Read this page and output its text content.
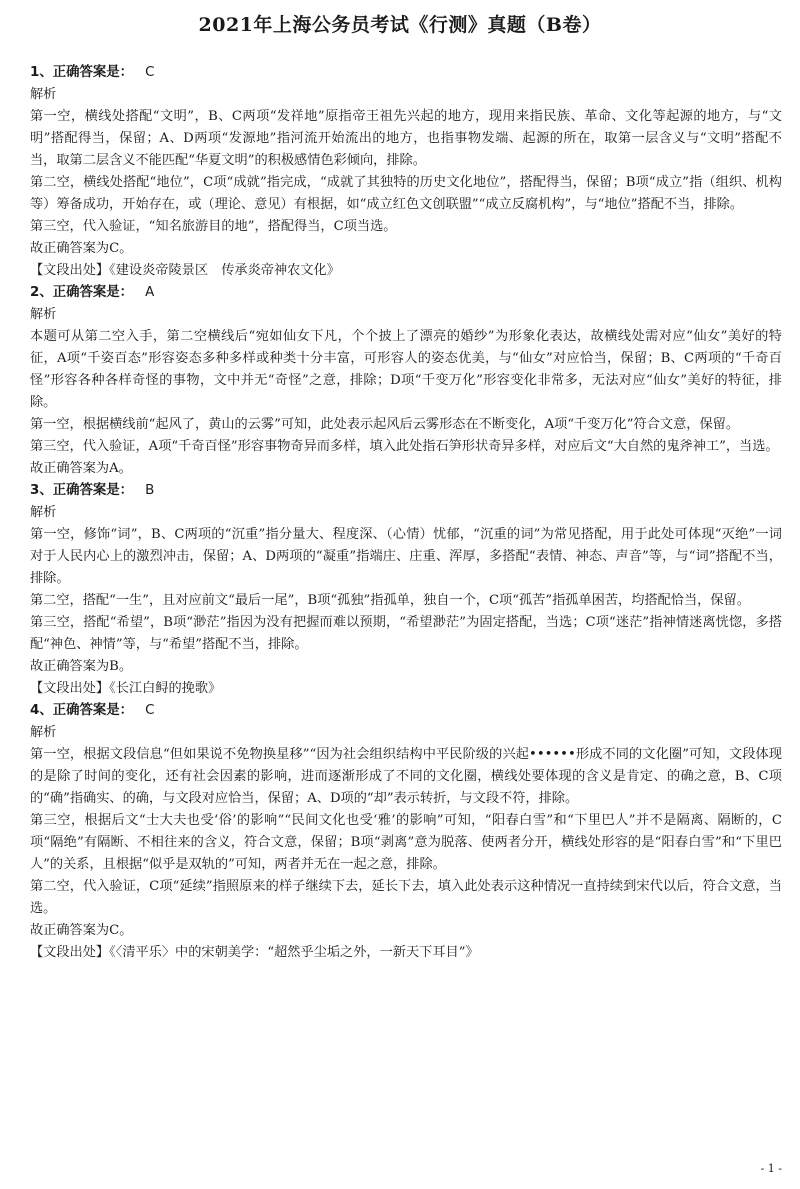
2021年上海公务员考试《行测》真题（B卷）
1、正确答案是： C
解析
第一空，横线处搭配“文明”，B、C两项“发祥地”原指帝王祖先兴起的地方，现用来指民族、革命、文化等起源的地方，与“文明”搭配得当，保留；A、D两项“发源地”指河流开始流出的地方，也指事物发端、起源的所在，取第一层含义与“文明”搭配不当，取第二层含义不能匹配“华夏文明”的积极感情色彩倾向，排除。
第二空，横线处搭配“地位”，C项“成就”指完成，“成就了其独特的历史文化地位”，搭配得当，保留；B项“成立”指（组织、机构等）筹备成功，开始存在，或（理论、意见）有根据，如“成立红色文创联盟”“成立反腐机构”，与“地位”搭配不当，排除。
第三空，代入验证，“知名旅游目的地”，搭配得当，C项当选。
故正确答案为C。
【文段出处】《建设炎帝陵景区　传承炎帝神农文化》
2、正确答案是： A
解析
本题可从第二空入手，第二空横线后“宛如仙女下凡，个个披上了漂亮的婚纱”为形象化表达，故横线处需对应“仙女”美好的特征，A项“千姿百态”形容姿态多种多样或种类十分丰富，可形容人的姿态优美，与“仙女”对应恰当，保留；B、C两项的“千奇百怪”形容各种各样奇怪的事物，文中并无“奇怪”之意，排除；D项“千变万化”形容变化非常多，无法对应“仙女”美好的特征，排除。
第一空，根据横线前“起风了，黄山的云雾”可知，此处表示起风后云雾形态在不断变化，A项“千变万化”符合文意，保留。
第三空，代入验证，A项“千奇百怪”形容事物奇异而多样，填入此处指石笋形状奇异多样，对应后文“大自然的鬼斧神工”，当选。
故正确答案为A。
3、正确答案是： B
解析
第一空，修饰“词”，B、C两项的“沉重”指分量大、程度深、（心情）忧郁，“沉重的词”为常见搭配，用于此处可体现“灭绝”一词对于人民内心上的激烈冲击，保留；A、D两项的“凝重”指端庄、庄重、浑厚，多搭配“表情、神态、声音”等，与“词”搭配不当，排除。
第二空，搭配“一生”，且对应前文“最后一尾”，B项“孤独”指孤单，独自一个，C项“孤苦”指孤单困苦，均搭配恰当，保留。
第三空，搭配“希望”，B项“渺茫”指因为没有把握而难以预期，“希望渺茫”为固定搭配，当选；C项“迷茫”指神情迷离恍惚，多搭配“神色、神情”等，与“希望”搭配不当，排除。
故正确答案为B。
【文段出处】《长江白鲟的挽歌》
4、正确答案是： C
解析
第一空，根据文段信息“但如果说不免物换星移”“因为社会组织结构中平民阶级的兴起••••••形成不同的文化圈”可知，文段体现的是除了时间的变化，还有社会因素的影响，进而逐渐形成了不同的文化圈，横线处要体现的含义是肯定、的确之意，B、C项的“确”指确实、的确，与文段对应恰当，保留；A、D项的“却”表示转折，与文段不符，排除。
第三空，根据后文“士大夫也受‘俗’的影响”“民间文化也受‘雅’的影响”可知，“阳春白雪”和“下里巴人”并不是隔离、隔断的，C项“隔绝”有隔断、不相往来的含义，符合文意，保留；B项“剥离”意为脱落、使两者分开，横线处形容的是“阳春白雪”和“下里巴人”的关系，且根据“似乎是双轨的”可知，两者并无在一起之意，排除。
第二空，代入验证，C项“延续”指照原来的样子继续下去，延长下去，填入此处表示这种情况一直持续到宋代以后，符合文意，当选。
故正确答案为C。
【文段出处】《〈清平乐〉中的宋朝美学：“超然乎尘垢之外，一新天下耳目”》
- 1 -
